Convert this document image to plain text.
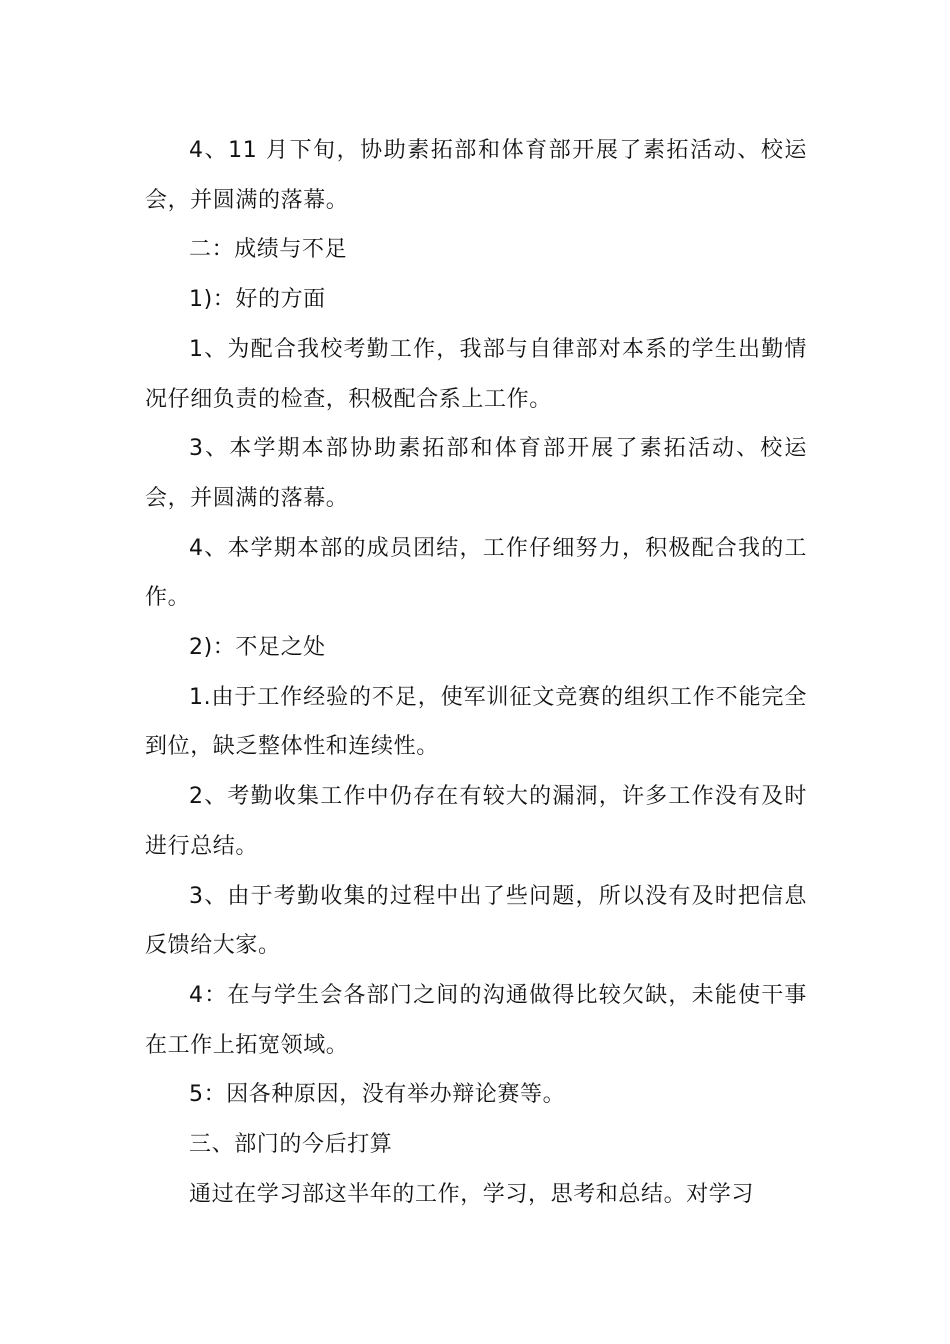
4、11 月下旬，协助素拓部和体育部开展了素拓活动、校运会，并圆满的落幕。

二：成绩与不足

1)：好的方面

1、为配合我校考勤工作，我部与自律部对本系的学生出勤情况仔细负责的检查，积极配合系上工作。

3、本学期本部协助素拓部和体育部开展了素拓活动、校运会，并圆满的落幕。

4、本学期本部的成员团结，工作仔细努力，积极配合我的工作。

2)：不足之处

1.由于工作经验的不足，使军训征文竞赛的组织工作不能完全到位，缺乏整体性和连续性。

2、考勤收集工作中仍存在有较大的漏洞，许多工作没有及时进行总结。

3、由于考勤收集的过程中出了些问题，所以没有及时把信息反馈给大家。

4：在与学生会各部门之间的沟通做得比较欠缺，未能使干事在工作上拓宽领域。

5：因各种原因，没有举办辩论赛等。

三、部门的今后打算

通过在学习部这半年的工作，学习，思考和总结。对学习
